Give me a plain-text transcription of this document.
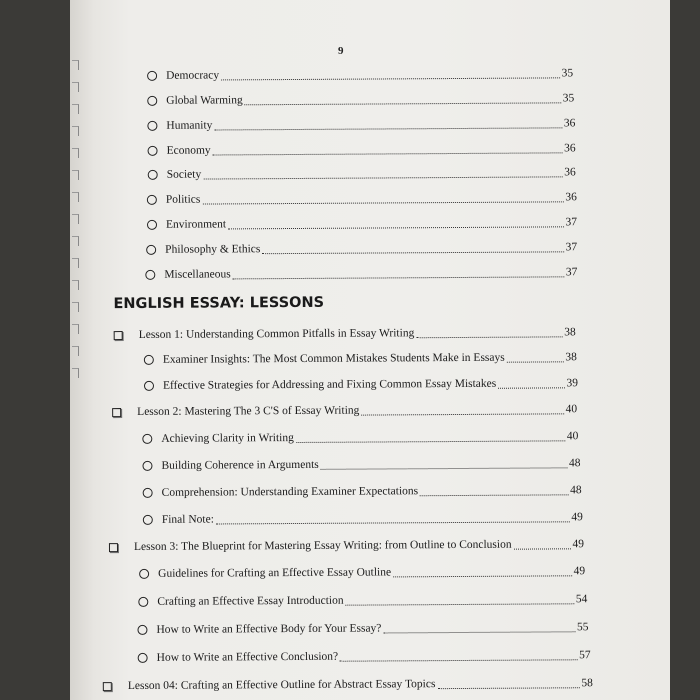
9
Democracy	35
Global Warming	35
Humanity	36
Economy	36
Society	36
Politics	36
Environment	37
Philosophy & Ethics	37
Miscellaneous	37
ENGLISH ESSAY: LESSONS
Lesson 1: Understanding Common Pitfalls in Essay Writing	38
Examiner Insights: The Most Common Mistakes Students Make in Essays	38
Effective Strategies for Addressing and Fixing Common Essay Mistakes	39
Lesson 2: Mastering The 3 C'S of Essay Writing	40
Achieving Clarity in Writing	40
Building Coherence in Arguments	48
Comprehension: Understanding Examiner Expectations	48
Final Note:	49
Lesson 3: The Blueprint for Mastering Essay Writing: from Outline to Conclusion	49
Guidelines for Crafting an Effective Essay Outline	49
Crafting an Effective Essay Introduction	54
How to Write an Effective Body for Your Essay?	55
How to Write an Effective Conclusion?	57
Lesson 04: Crafting an Effective Outline for Abstract Essay Topics	58
